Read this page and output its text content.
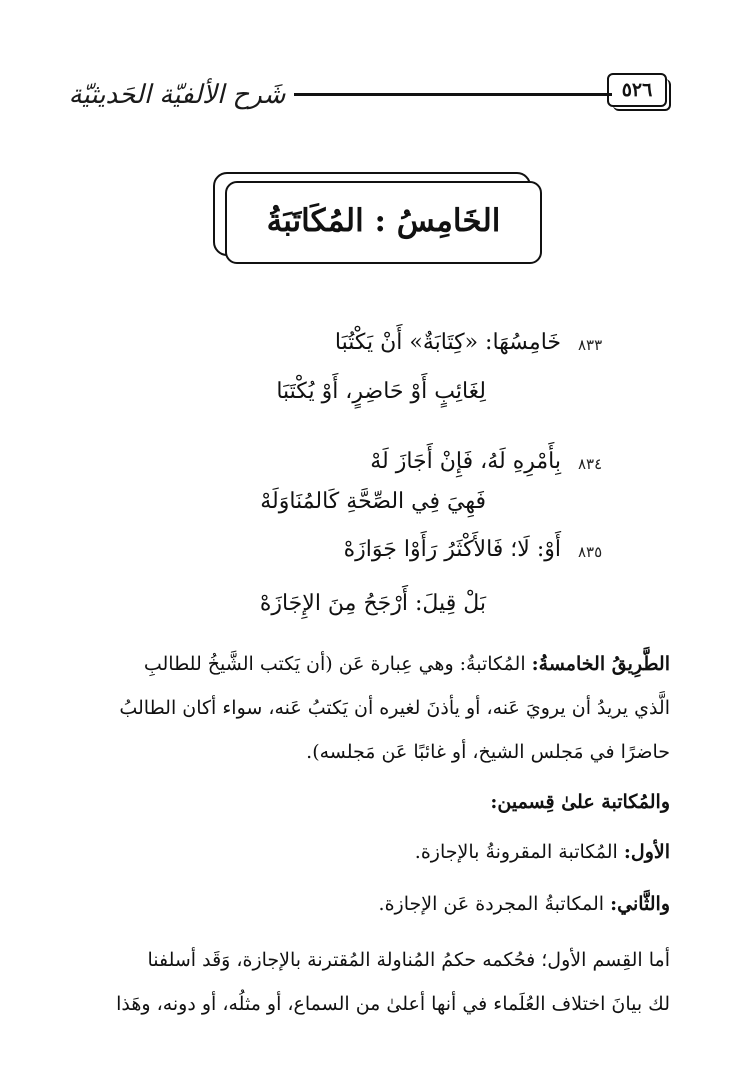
شَرح الألفيّة الحَديثيّة	٥٢٦
الخَامِسُ : المُكَاتَبَةُ
٨٣٣
خَامِسُهَا: «كِتَابَةٌ» أَنْ يَكْتُبَا
لِغَائِبٍ أَوْ حَاضِرٍ، أَوْ يُكْتَبَا
٨٣٤
بِأَمْرِهِ لَهُ، فَإِنْ أَجَازَ لَهْ
فَهِيَ فِي الصِّحَّةِ كَالمُنَاوَلَهْ
٨٣٥
أَوْ: لَا؛ فَالأَكْثَرُ رَأَوْا جَوَازَهْ
بَلْ قِيلَ: أَرْجَحُ مِنَ الإِجَازَهْ
الطَّرِيقُ الخامسةُ: المُكاتبةُ: وهي عِبارة عَن (أن يَكتب الشَّيخُ للطالبِ
الَّذي يريدُ أن يرويَ عَنه، أو يأذنَ لغيره أن يَكتبُ عَنه، سواء أكان الطالبُ
حاضرًا في مَجلس الشيخ، أو غائبًا عَن مَجلسه).
والمُكاتبة علىٰ قِسمين:
الأول: المُكاتبة المقرونةُ بالإجازة.
والثَّاني: المكاتبةُ المجردة عَن الإجازة.
أما القِسم الأول؛ فحُكمه حكمُ المُناولة المُقترنة بالإجازة، وَقَد أسلفنا
لك بيانَ اختلاف العُلَماء في أنها أعلىٰ من السماع، أو مثلُه، أو دونه، وهَذا
